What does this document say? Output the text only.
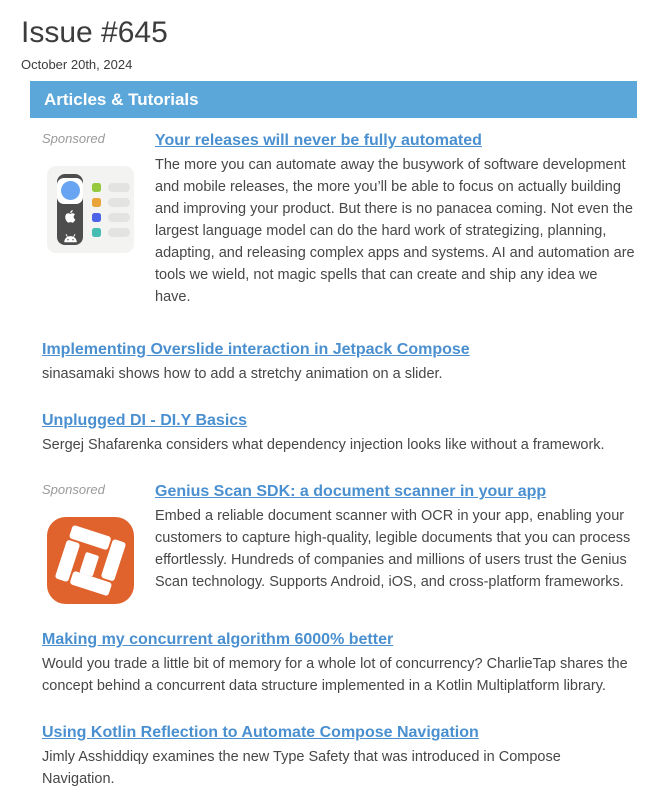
Issue #645
October 20th, 2024
Articles & Tutorials
Sponsored	Your releases will never be fully automated
The more you can automate away the busywork of software development and mobile releases, the more you’ll be able to focus on actually building and improving your product. But there is no panacea coming. Not even the largest language model can do the hard work of strategizing, planning, adapting, and releasing complex apps and systems. AI and automation are tools we wield, not magic spells that can create and ship any idea we have.
Implementing Overslide interaction in Jetpack Compose
sinasamaki shows how to add a stretchy animation on a slider.
Unplugged DI - DI.Y Basics
Sergej Shafarenka considers what dependency injection looks like without a framework.
Sponsored	Genius Scan SDK: a document scanner in your app
Embed a reliable document scanner with OCR in your app, enabling your customers to capture high-quality, legible documents that you can process effortlessly. Hundreds of companies and millions of users trust the Genius Scan technology. Supports Android, iOS, and cross-platform frameworks.
Making my concurrent algorithm 6000% better
Would you trade a little bit of memory for a whole lot of concurrency? CharlieTap shares the concept behind a concurrent data structure implemented in a Kotlin Multiplatform library.
Using Kotlin Reflection to Automate Compose Navigation
Jimly Asshiddiqy examines the new Type Safety that was introduced in Compose Navigation.
